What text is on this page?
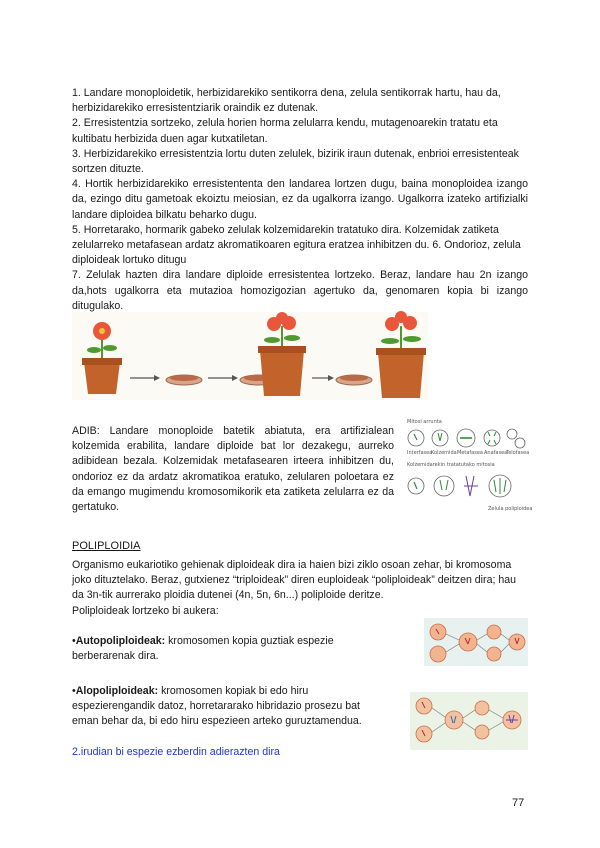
1. Landare monoploidetik, herbizidarekiko sentikorra dena, zelula sentikorrak hartu, hau da, herbizidarekiko erresistentziarik oraindik ez dutenak.

2. Erresistentzia sortzeko, zelula horien horma zelularra kendu, mutagenoarekin tratatu eta kultibatu herbizida duen agar kutxatiletan.

3. Herbizidarekiko erresistentzia lortu duten zelulek, bizirik iraun dutenak, enbrioi erresistenteak sortzen dituzte.

4. Hortik herbizidarekiko erresistententa den landarea lortzen dugu, baina monoploidea izango da, ezingo ditu gametoak ekoiztu meiosian, ez da ugalkorra izango. Ugalkorra izateko artifizialki landare diploidea bilkatu beharko dugu.

5. Horretarako, hormarik gabeko zelulak kolzemidarekin tratatuko dira. Kolzemidak zatiketa zelularreko metafasean ardatz akromatikoaren egitura eratzea inhibitzen du. 6. Ondorioz, zelula diploideak lortuko ditugu

7. Zelulak hazten dira landare diploide erresistentea lortzeko. Beraz, landare hau 2n izango da,hots ugalkorra eta mutazioa homozigozian agertuko da, genomaren kopia bi izango ditugulako.

ADIB: Landare monoploide batetik abiatuta, era artifizialean kolzemida erabilita, landare diploide bat lor dezakegu, aurreko adibidean bezala. Kolzemidak metafasearen irteera inhibitzen du, ondorioz ez da ardatz akromatikoa eratuko, zelularen poloetara ez da emango mugimendu kromosomikorik eta zatiketa zelularra ez da gertatuko.
Mitosi arrunta
Interfasea
Kolzemida Metafasea Anafasea
Telofasea
Kolzemidarekin tratatutako mitosia
Zelula poliploidea
POLIPLOIDIA

Organismo eukariotiko gehienak diploideak dira ia haien bizi ziklo osoan zehar, bi kromosoma joko dituztelako. Beraz, gutxienez “triploideak” diren euploideak “poliploideak” deitzen dira; hau da 3n-tik aurrerako ploidia dutenei (4n, 5n, 6n...) poliploide deritze.

Poliploideak lortzeko bi aukera:

•Autopoliploideak: kromosomen kopia guztiak espezie berberarenak dira.
•Alopoliploideak: kromosomen kopiak bi edo hiru espezierengandik datoz, horretararako hibridazio prosezu bat eman behar da, bi edo hiru espezieen arteko guruztamendua.
2.irudian bi espezie ezberdin adierazten dira
77
